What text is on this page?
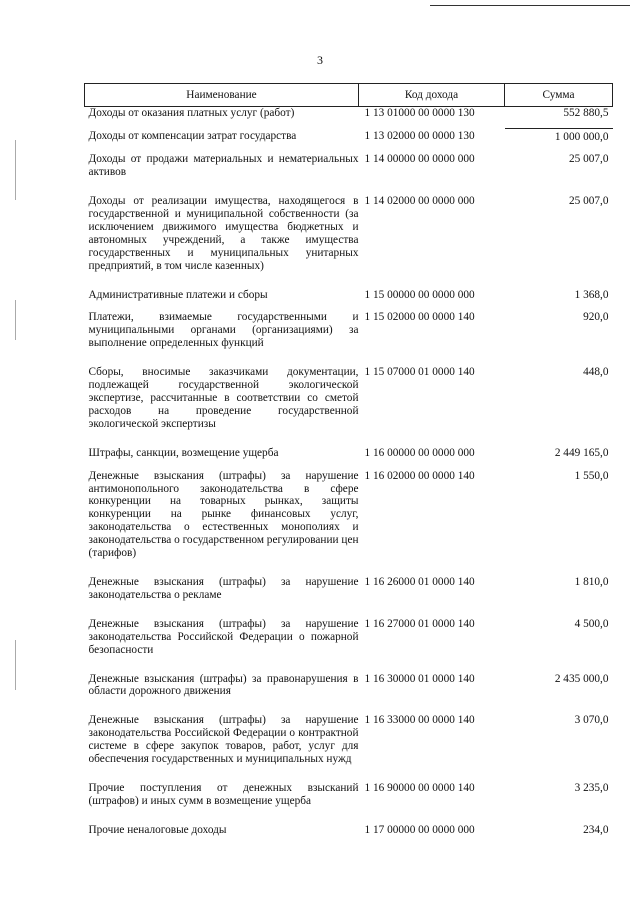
3
Наименование	Код дохода	Сумма
Доходы от оказания платных услуг (работ)	1 13 01000 00 0000 130	552 880,5
Доходы от компенсации затрат государства	1 13 02000 00 0000 130	1 000 000,0
Доходы от продажи материальных и нематериальных активов	1 14 00000 00 0000 000	25 007,0
Доходы от реализации имущества, находящегося в государственной и муниципальной собственности (за исключением движимого имущества бюджетных и автономных учреждений, а также имущества государственных и муниципальных унитарных предприятий, в том числе казенных)	1 14 02000 00 0000 000	25 007,0
Административные платежи и сборы	1 15 00000 00 0000 000	1 368,0
Платежи, взимаемые государственными и муниципальными органами (организациями) за выполнение определенных функций	1 15 02000 00 0000 140	920,0
Сборы, вносимые заказчиками документации, подлежащей государственной экологической экспертизе, рассчитанные в соответствии со сметой расходов на проведение государственной экологической экспертизы	1 15 07000 01 0000 140	448,0
Штрафы, санкции, возмещение ущерба	1 16 00000 00 0000 000	2 449 165,0
Денежные взыскания (штрафы) за нарушение антимонопольного законодательства в сфере конкуренции на товарных рынках, защиты конкуренции на рынке финансовых услуг, законодательства о естественных монополиях и законодательства о государственном регулировании цен (тарифов)	1 16 02000 00 0000 140	1 550,0
Денежные взыскания (штрафы) за нарушение законодательства о рекламе	1 16 26000 01 0000 140	1 810,0
Денежные взыскания (штрафы) за нарушение законодательства Российской Федерации о пожарной безопасности	1 16 27000 01 0000 140	4 500,0
Денежные взыскания (штрафы) за правонарушения в области дорожного движения	1 16 30000 01 0000 140	2 435 000,0
Денежные взыскания (штрафы) за нарушение законодательства Российской Федерации о контрактной системе в сфере закупок товаров, работ, услуг для обеспечения государственных и муниципальных нужд	1 16 33000 00 0000 140	3 070,0
Прочие поступления от денежных взысканий (штрафов) и иных сумм в возмещение ущерба	1 16 90000 00 0000 140	3 235,0
Прочие неналоговые доходы	1 17 00000 00 0000 000	234,0
